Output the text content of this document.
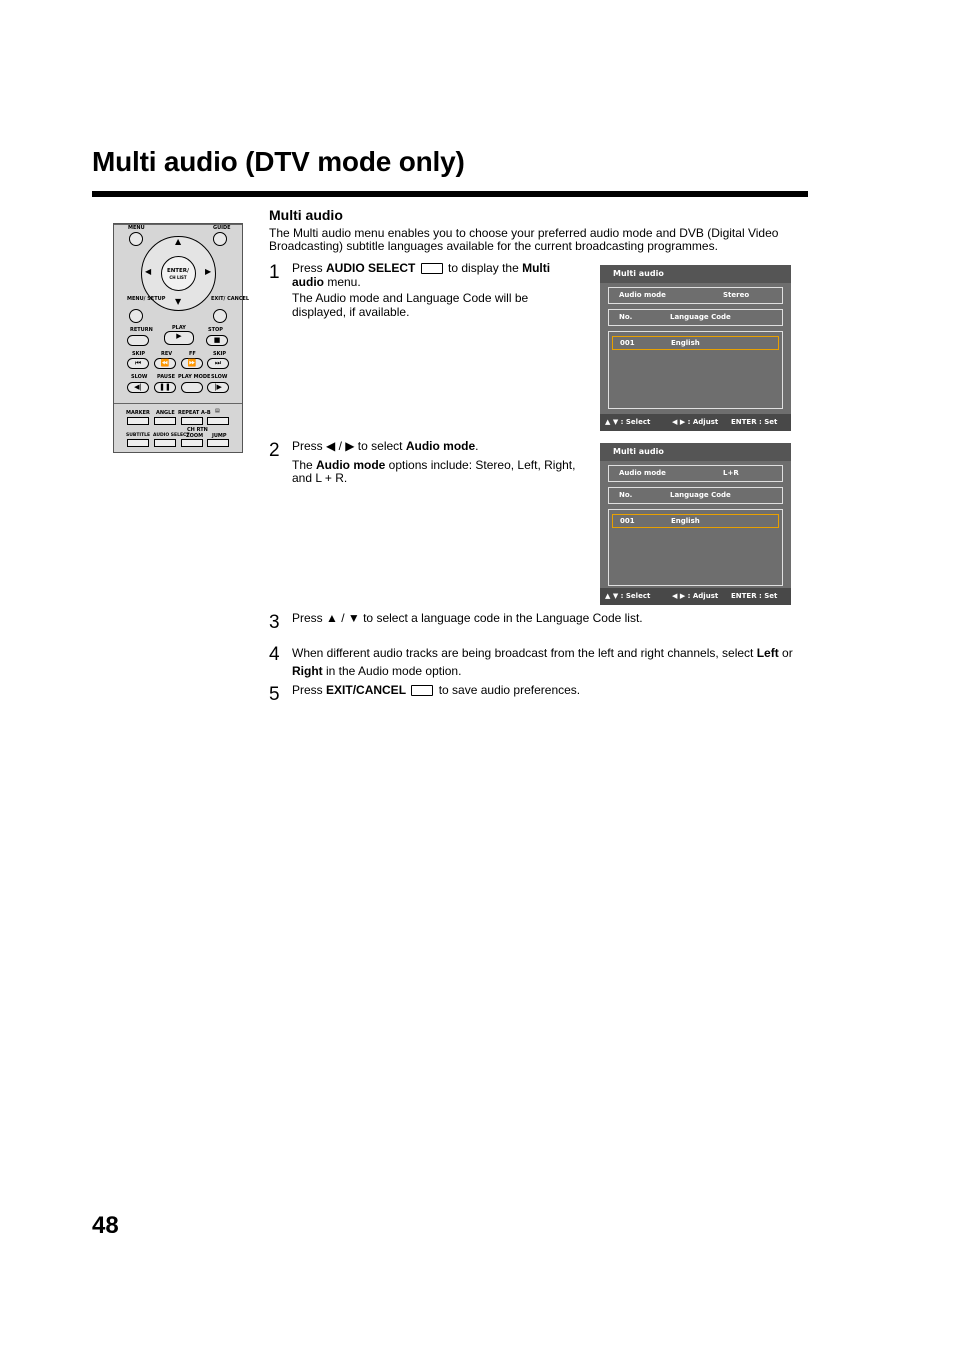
Multi audio (DTV mode only)
MENU	GUIDE
ENTER/
CH LIST
▲
▼
◀	▶
MENU/ SETUP	EXIT/ CANCEL
RETURN	PLAY	STOP
▶	■
SKIP	REV	FF	SKIP
⏮	⏪	⏩	⏭
SLOW PAUSE PLAY MODE SLOW
◀|	❚❚	|▶
MARKER ANGLE REPEAT A-B ▤
CH RTN
SUBTITLE AUDIO SELECT
ZOOM JUMP
Multi audio
The Multi audio menu enables you to choose your preferred audio mode and DVB (Digital Video Broadcasting) subtitle languages available for the current broadcasting programmes.
1 Press AUDIO SELECT  to display the Multi audio menu.

The Audio mode and Language Code will be displayed, if available.

2 Press ◀ / ▶ to select Audio mode.

The Audio mode options include: Stereo, Left, Right, and L + R.

3 Press ▲ / ▼ to select a language code in the Language Code list.

4 When different audio tracks are being broadcast from the left and right channels, select Left or Right in the Audio mode option.

5 Press EXIT/CANCEL  to save audio preferences.

Multi audio
Audio mode	Stereo
No.	Language Code
001	English
▲ ▼ : Select	◀ ▶ : Adjust ENTER : Set
Multi audio
Audio mode	L+R
No.	Language Code
001	English
▲ ▼ : Select	◀ ▶ : Adjust ENTER : Set
48
